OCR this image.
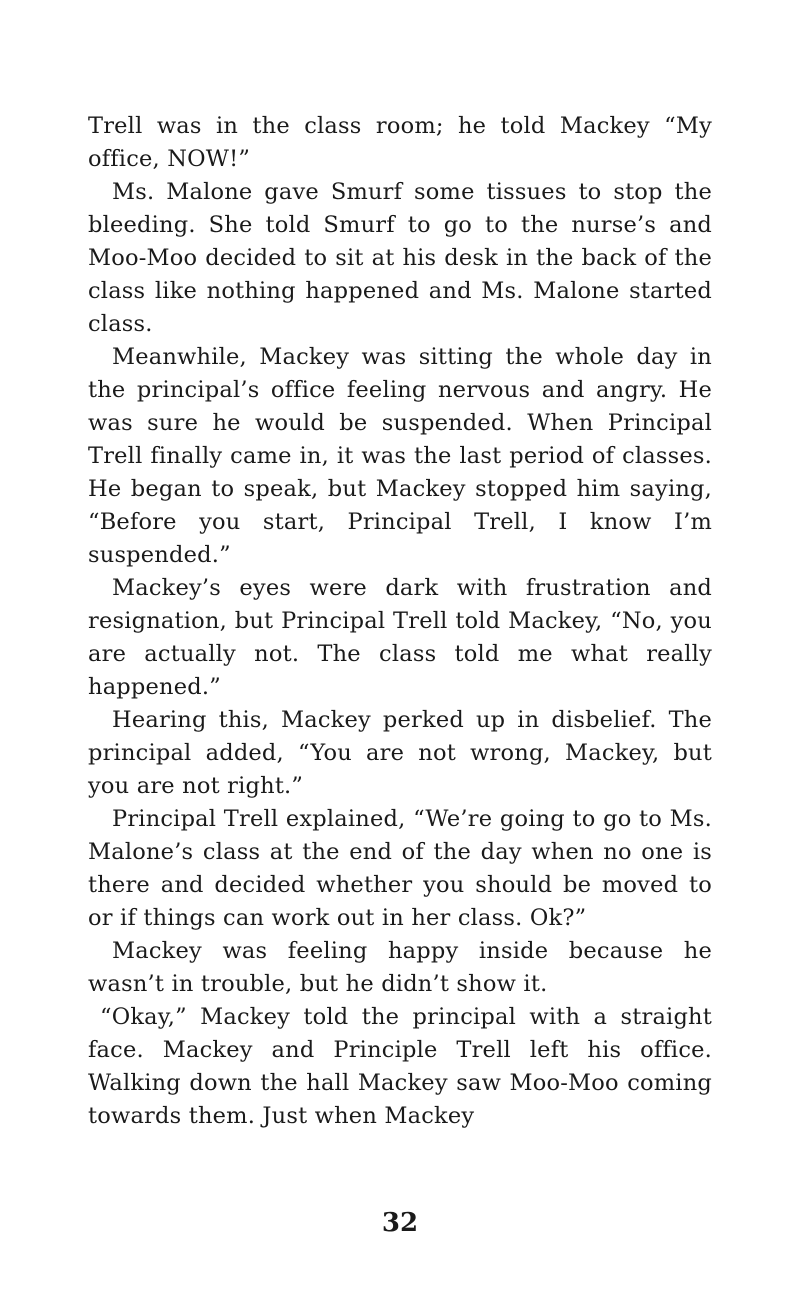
Trell was in the class room; he told Mackey “My office, NOW!”

Ms. Malone gave Smurf some tissues to stop the bleeding. She told Smurf to go to the nurse’s and Moo-Moo decided to sit at his desk in the back of the class like nothing happened and Ms. Malone started class.

Meanwhile, Mackey was sitting the whole day in the principal’s office feeling nervous and angry. He was sure he would be suspended. When Principal Trell finally came in, it was the last period of classes. He began to speak, but Mackey stopped him saying, “Before you start, Principal Trell, I know I’m suspended.”

Mackey’s eyes were dark with frustration and resignation, but Principal Trell told Mackey, “No, you are actually not. The class told me what really happened.”

Hearing this, Mackey perked up in disbelief. The principal added, “You are not wrong, Mackey, but you are not right.”

Principal Trell explained, “We’re going to go to Ms. Malone’s class at the end of the day when no one is there and decided whether you should be moved to or if things can work out in her class. Ok?”

Mackey was feeling happy inside because he wasn’t in trouble, but he didn’t show it.

“Okay,” Mackey told the principal with a straight face. Mackey and Principle Trell left his office. Walking down the hall Mackey saw Moo-Moo coming towards them. Just when Mackey

32
